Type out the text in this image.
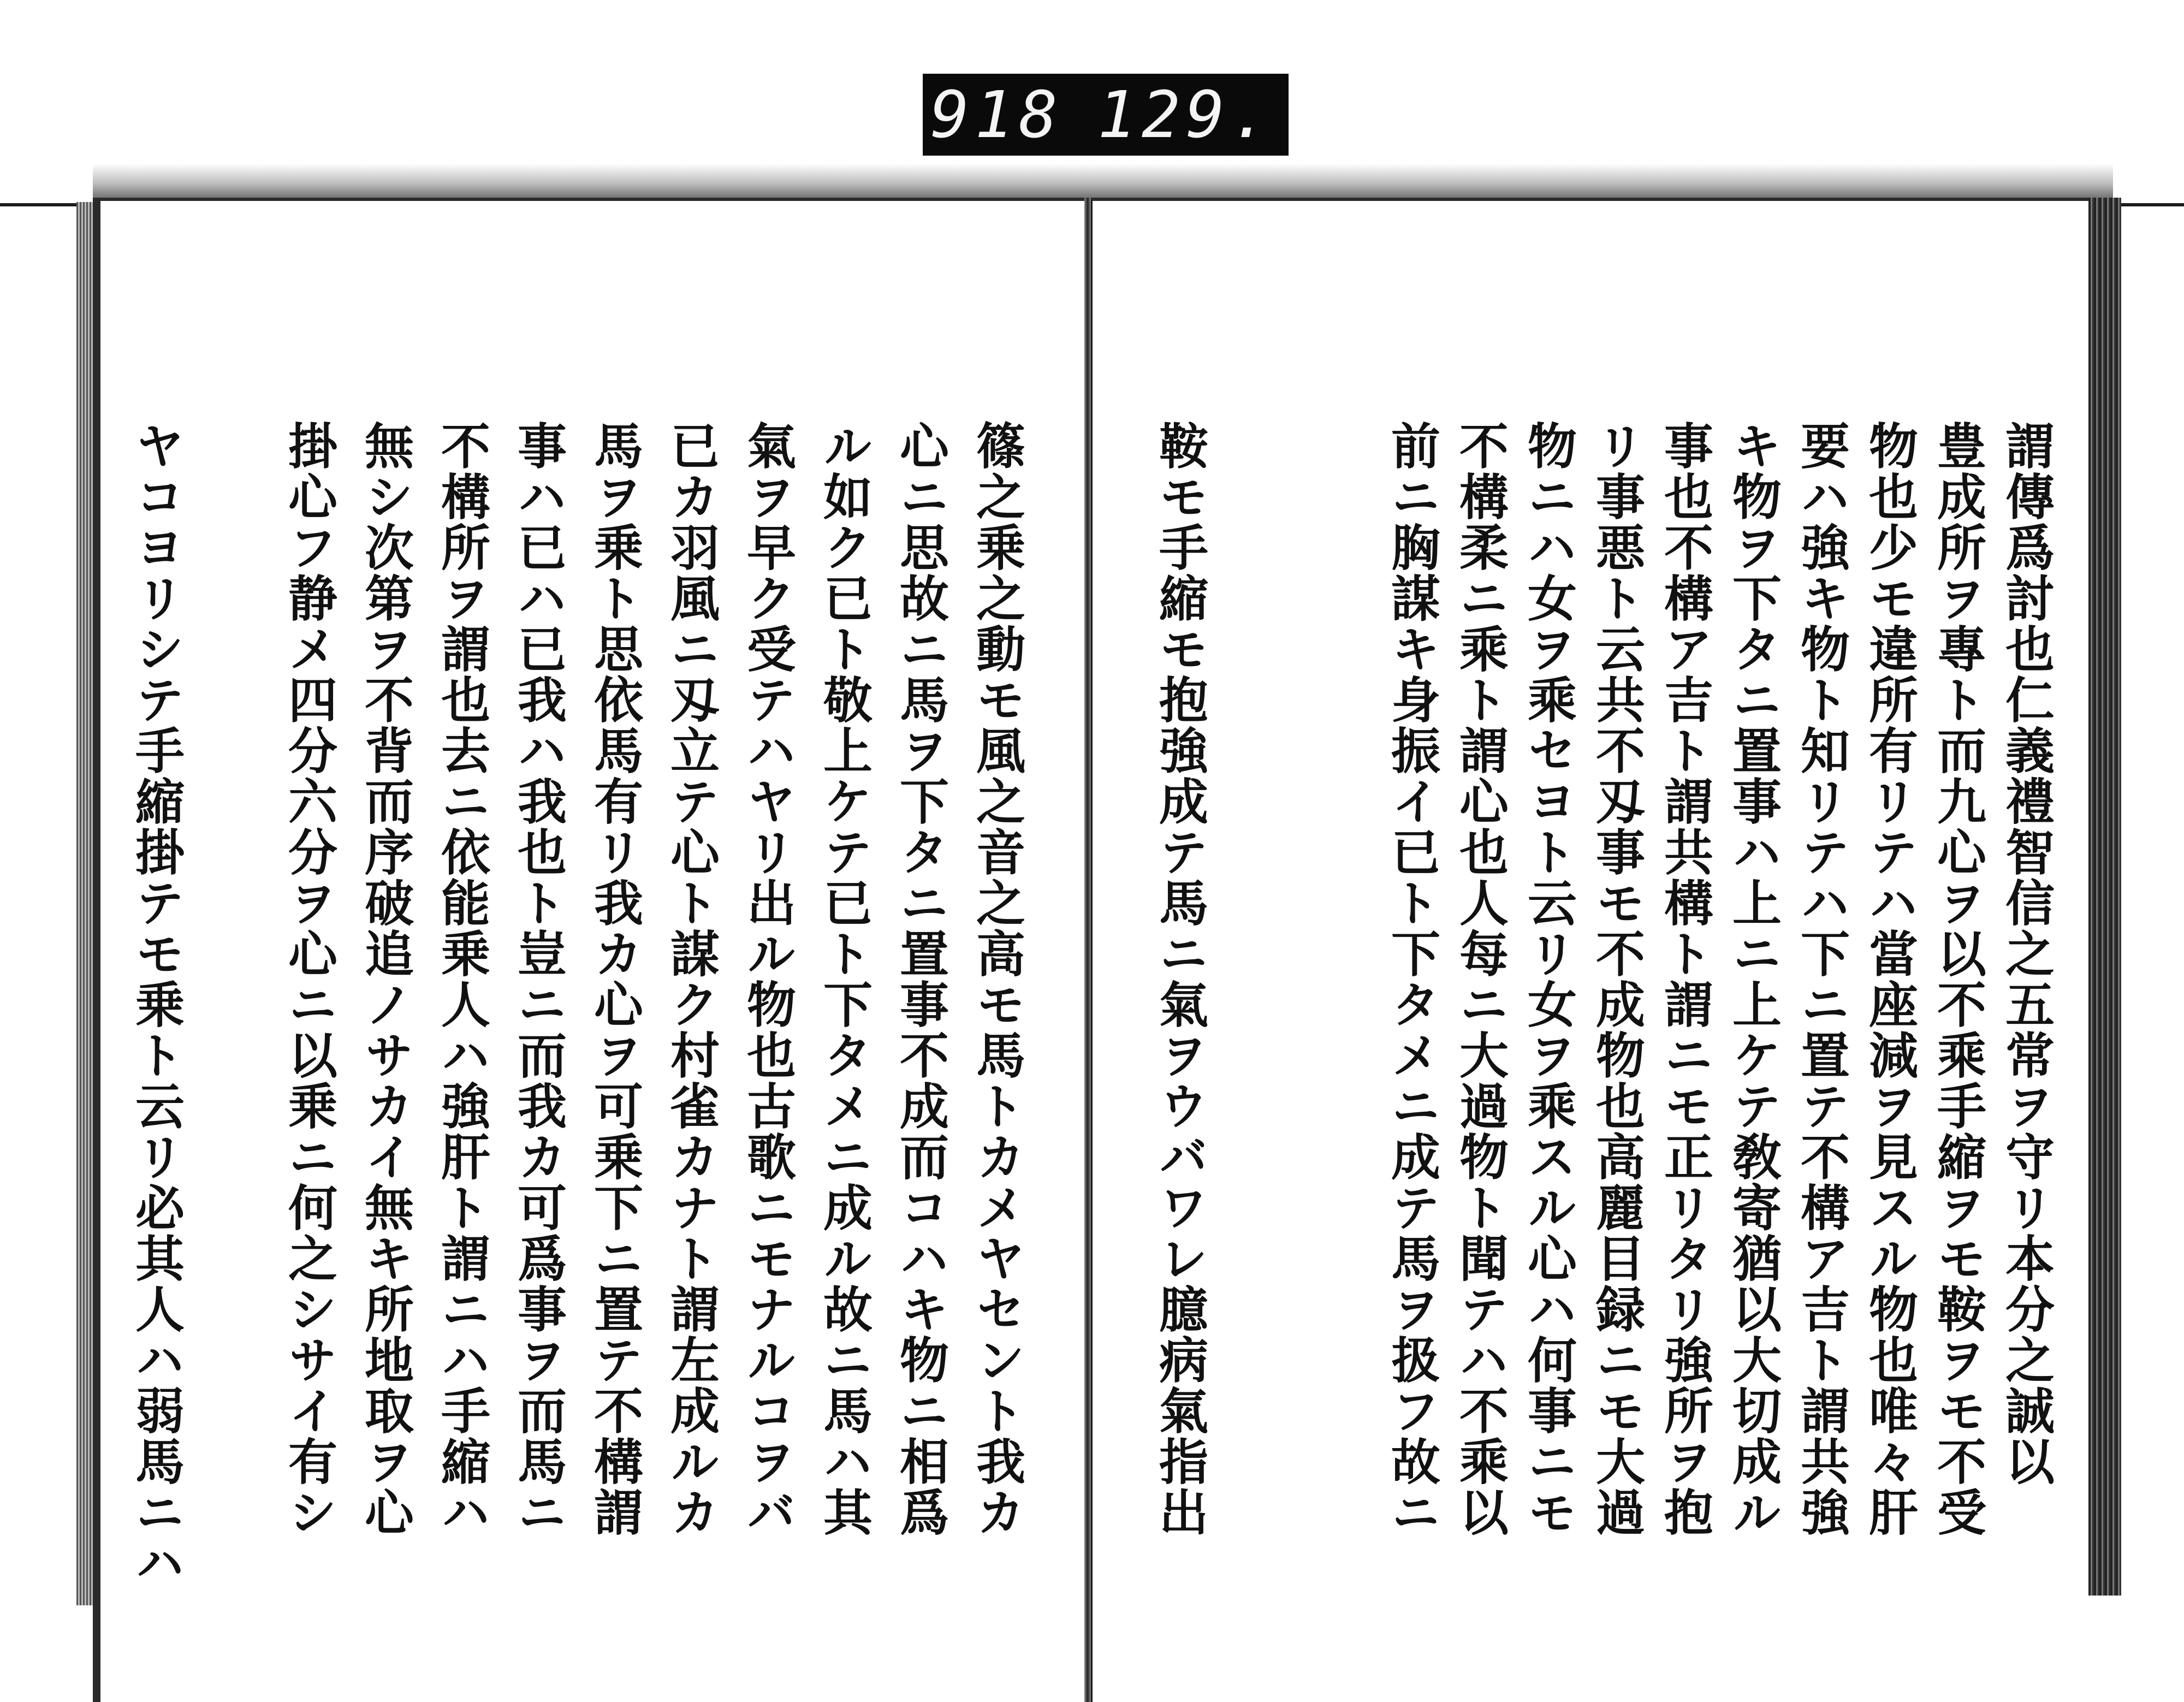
918 129.
謂傳爲討也仁義禮智信之五常ヲ守リ本分之誠以
豊成所ヲ專ト而九心ヲ以不乘手縮ヲモ鞍ヲモ不受
物也少モ違所有リテハ當座減ヲ見スル物也唯々肝
要ハ強キ物ト知リテハ下ニ置テ不構ア吉ト謂共強
キ物ヲ下タニ置事ハ上ニ上ケテ敎寄猶以大切成ル
事也不構ア吉ト謂共構ト謂ニモ正リタリ強所ヲ抱
リ事悪ト云共不刄事モ不成物也高麗目録ニモ大過
物ニハ女ヲ乘セヨト云リ女ヲ乘スル心ハ何事ニモ
不構柔ニ乘ト謂心也人每ニ大過物ト聞テハ不乘以
前ニ胸謀キ身振イ已ト下タメニ成テ馬ヲ扱フ故ニ
鞍モ手縮モ抱強成テ馬ニ氣ヲウバワレ臆病氣指出
篠之乗之動モ風之音之高モ馬トカメヤセント我カ
心ニ思故ニ馬ヲ下タニ置事不成而コハキ物ニ相爲
ル如ク已ト敬上ケテ已ト下タメニ成ル故ニ馬ハ其
氣ヲ早ク受テハヤリ出ル物也古歌ニモナルコヲバ
已カ羽風ニ刄立テ心ト謀ク村雀カナト謂左成ルカ
馬ヲ乗ト思依馬有リ我カ心ヲ可乗下ニ置テ不構謂
事ハ已ハ已我ハ我也ト豈ニ而我カ可爲事ヲ而馬ニ
不構所ヲ謂也去ニ依能乗人ハ強肝ト謂ニハ手縮ハ
無シ次第ヲ不背而序破追ノサカイ無キ所地取ヲ心
掛心フ静メ四分六分ヲ心ニ以乗ニ何之シサイ有シ
ヤコヨリシテ手縮掛テモ乗ト云リ必其人ハ弱馬ニハ
